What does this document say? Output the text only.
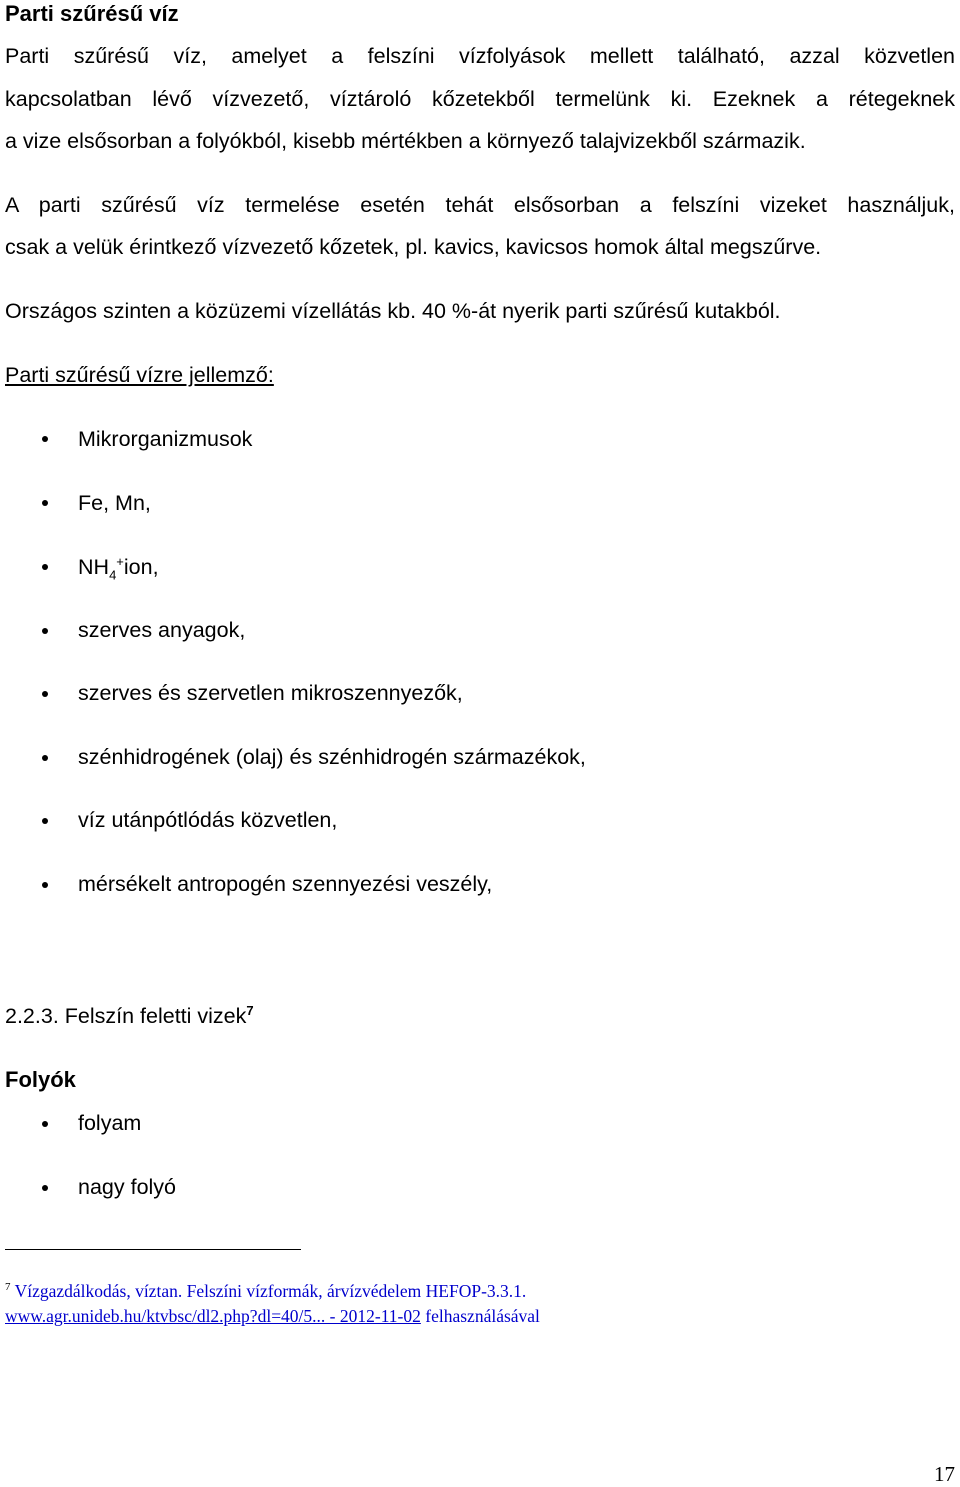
Parti szűrésű víz
Parti szűrésű víz, amelyet a felszíni vízfolyások mellett található, azzal közvetlen
kapcsolatban lévő vízvezető, víztároló kőzetekből termelünk ki. Ezeknek a rétegeknek
a vize elsősorban a folyókból, kisebb mértékben a környező talajvizekből származik.
A parti szűrésű víz termelése esetén tehát elsősorban a felszíni vizeket használjuk,
csak a velük érintkező vízvezető kőzetek, pl. kavics, kavicsos homok által megszűrve.
Országos szinten a közüzemi vízellátás kb. 40 %-át nyerik parti szűrésű kutakból.
Parti szűrésű vízre jellemző:
Mikrorganizmusok
Fe, Mn,
$NH_4^+ion$,
szerves anyagok,
szerves és szervetlen mikroszennyezők,
szénhidrogének (olaj) és szénhidrogén származékok,
víz utánpótlódás közvetlen,
mérsékelt antropogén szennyezési veszély,
2.2.3. Felszín feletti vizek$^7$
Folyók
folyam
nagy folyó
$^7$ Vízgazdálkodás, víztan. Felszíni vízformák, árvízvédelem HEFOP-3.3.1.
www.agr.unideb.hu/ktvbsc/dl2.php?dl=40/5... - 2012-11-02 felhasználásával
17
